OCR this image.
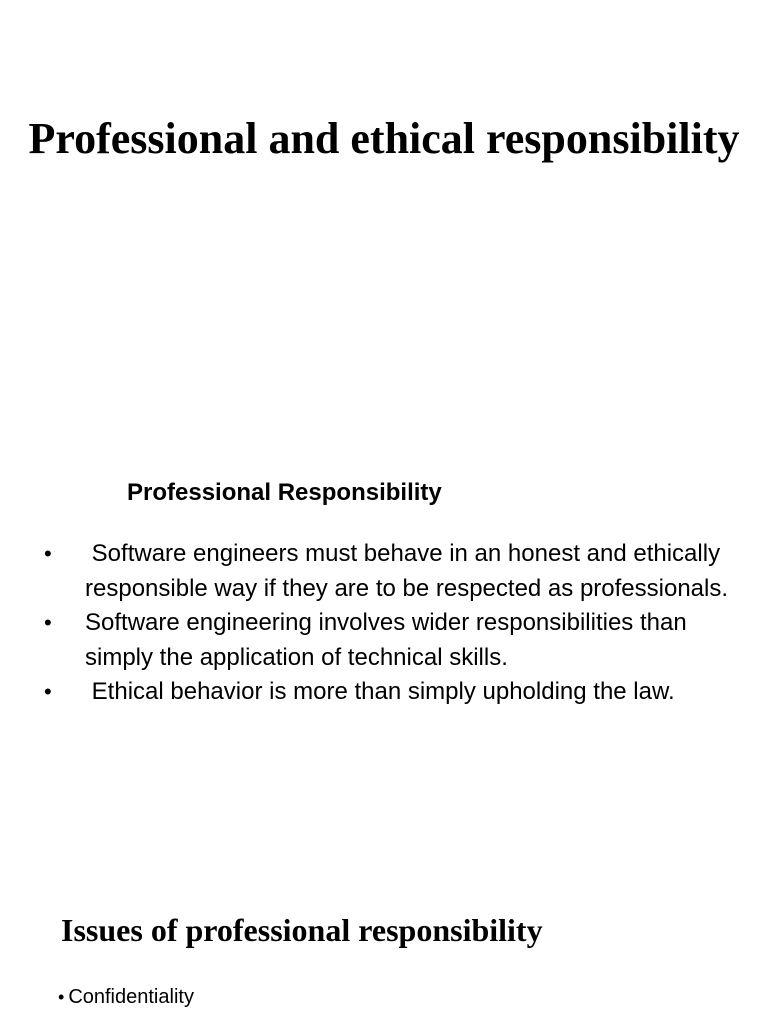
Professional and ethical responsibility
Professional Responsibility
•	Software engineers must behave in an honest and ethically responsible way if they are to be respected as professionals.
•	Software engineering involves wider responsibilities than simply the application of technical skills.
•	Ethical behavior is more than simply upholding the law.
Issues of professional responsibility
• Confidentiality
